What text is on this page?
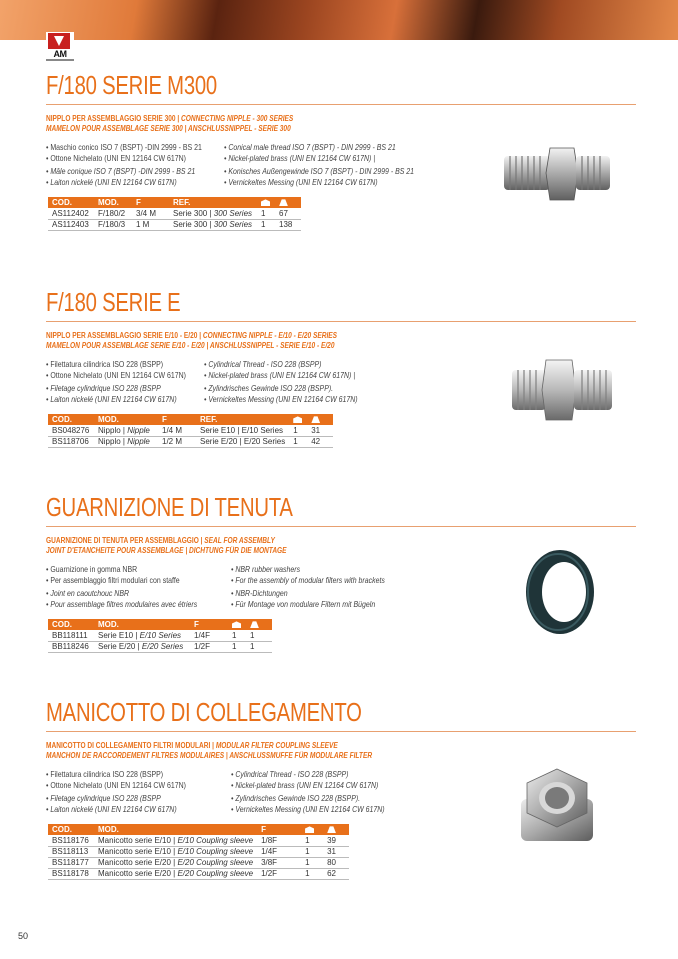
AM
F/180 SERIE M300
NIPPLO PER ASSEMBLAGGIO SERIE 300 | CONNECTING NIPPLE - 300 SERIES
MAMELON POUR ASSEMBLAGE SERIE 300 | ANSCHLUSSNIPPEL - SERIE 300
• Maschio conico ISO 7 (BSPT) -DIN 2999 - BS 21
• Ottone Nichelato (UNI EN 12164 CW 617N)
• Mâle conique ISO 7 (BSPT) -DIN 2999 - BS 21
• Laiton nickelé (UNI EN 12164 CW 617N)
• Conical male thread ISO 7 (BSPT) - DIN 2999 - BS 21
• Nickel-plated brass (UNI EN 12164 CW 617N) |
• Konisches Außengewinde ISO 7 (BSPT) - DIN 2999 - BS 21
• Vernickeltes Messing (UNI EN 12164 CW 617N)
COD.	MOD.	F	REF.		
AS112402	F/180/2	3/4 M	Serie 300 | 300 Series	1	67
AS112403	F/180/3	1 M	Serie 300 | 300 Series	1	138
F/180 SERIE E
NIPPLO PER ASSEMBLAGGIO SERIE E/10 - E/20 | CONNECTING NIPPLE - E/10 - E/20 SERIES
MAMELON POUR ASSEMBLAGE SERIE E/10 - E/20 | ANSCHLUSSNIPPEL - SERIE E/10 - E/20
• Filettatura cilindrica ISO 228 (BSPP)
• Ottone Nichelato (UNI EN 12164 CW 617N)
• Filetage cylindrique ISO 228 (BSPP
• Laiton nickelé (UNI EN 12164 CW 617N)
• Cylindrical Thread - ISO 228 (BSPP)
• Nickel-plated brass (UNI EN 12164 CW 617N) |
• Zylindrisches Gewinde ISO 228 (BSPP).
• Vernickeltes Messing (UNI EN 12164 CW 617N)
COD.	MOD.	F	REF.		
BS048276	Nipplo | Nipple	1/4 M	Serie E10 | E/10 Series	1	31
BS118706	Nipplo | Nipple	1/2 M	Serie E/20 | E/20 Series	1	42
GUARNIZIONE DI TENUTA
GUARNIZIONE DI TENUTA PER ASSEMBLAGGIO | SEAL FOR ASSEMBLY
JOINT D'ETANCHEITE POUR ASSEMBLAGE | DICHTUNG FÜR DIE MONTAGE
• Guarnizione in gomma NBR
• Per assemblaggio filtri modulari con staffe
• Joint en caoutchouc NBR
• Pour assemblage filtres modulaires avec étriers
• NBR rubber washers
• For the assembly of modular filters with brackets
• NBR-Dichtungen
• Für Montage von modulare Filtern mit Bügeln
COD.	MOD.	F		
BB118111	Serie E10 | E/10 Series	1/4F	1	1
BB118246	Serie E/20 | E/20 Series	1/2F	1	1
MANICOTTO DI COLLEGAMENTO
MANICOTTO DI COLLEGAMENTO FILTRI MODULARI | MODULAR FILTER COUPLING SLEEVE
MANCHON DE RACCORDEMENT FILTRES MODULAIRES | ANSCHLUSSMUFFE FÜR MODULARE FILTER
• Filettatura cilindrica ISO 228 (BSPP)
• Ottone Nichelato (UNI EN 12164 CW 617N)
• Filetage cylindrique ISO 228 (BSPP
• Laiton nickelé (UNI EN 12164 CW 617N)
• Cylindrical Thread - ISO 228 (BSPP)
• Nickel-plated brass (UNI EN 12164 CW 617N)
• Zylindrisches Gewinde ISO 228 (BSPP).
• Vernickeltes Messing (UNI EN 12164 CW 617N)
COD.	MOD.	F		
BS118176	Manicotto serie E/10 | E/10 Coupling sleeve	1/8F	1	39
BS118113	Manicotto serie E/10 | E/10 Coupling sleeve	1/4F	1	31
BS118177	Manicotto serie E/20 | E/20 Coupling sleeve	3/8F	1	80
BS118178	Manicotto serie E/20 | E/20 Coupling sleeve	1/2F	1	62
50
